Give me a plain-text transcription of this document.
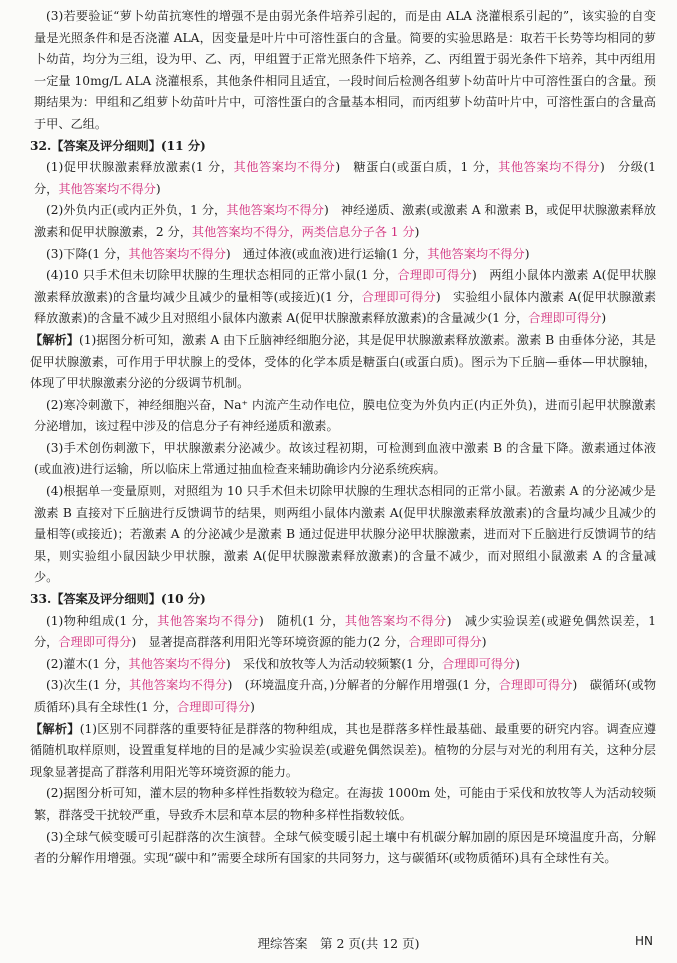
(3)若要验证“萝卜幼苗抗寒性的增强不是由弱光条件培养引起的，而是由 ALA 浇灌根系引起的”，该实验的自变量是光照条件和是否浇灌 ALA，因变量是叶片中可溶性蛋白的含量。简要的实验思路是：取若干长势等均相同的萝卜幼苗，均分为三组，设为甲、乙、丙，甲组置于正常光照条件下培养，乙、丙组置于弱光条件下培养，其中丙组用一定量 10mg/L ALA 浇灌根系，其他条件相同且适宜，一段时间后检测各组萝卜幼苗叶片中可溶性蛋白的含量。预期结果为：甲组和乙组萝卜幼苗叶片中，可溶性蛋白的含量基本相同，而丙组萝卜幼苗叶片中，可溶性蛋白的含量高于甲、乙组。

32.【答案及评分细则】(11 分)

(1)促甲状腺激素释放激素(1 分，其他答案均不得分)　糖蛋白(或蛋白质，1 分，其他答案均不得分)　分级(1 分，其他答案均不得分)

(2)外负内正(或内正外负，1 分，其他答案均不得分)　神经递质、激素(或激素 A 和激素 B，或促甲状腺激素释放激素和促甲状腺激素，2 分，其他答案均不得分，两类信息分子各 1 分)

(3)下降(1 分，其他答案均不得分)　通过体液(或血液)进行运输(1 分，其他答案均不得分)

(4)10 只手术但未切除甲状腺的生理状态相同的正常小鼠(1 分，合理即可得分)　两组小鼠体内激素 A(促甲状腺激素释放激素)的含量均减少且减少的量相等(或接近)(1 分，合理即可得分)　实验组小鼠体内激素 A(促甲状腺激素释放激素)的含量不减少且对照组小鼠体内激素 A(促甲状腺激素释放激素)的含量减少(1 分，合理即可得分)

【解析】(1)据图分析可知，激素 A 由下丘脑神经细胞分泌，其是促甲状腺激素释放激素。激素 B 由垂体分泌，其是促甲状腺激素，可作用于甲状腺上的受体，受体的化学本质是糖蛋白(或蛋白质)。图示为下丘脑—垂体—甲状腺轴，体现了甲状腺激素分泌的分级调节机制。

(2)寒冷刺激下，神经细胞兴奋，Na⁺ 内流产生动作电位，膜电位变为外负内正(内正外负)，进而引起甲状腺激素分泌增加，该过程中涉及的信息分子有神经递质和激素。

(3)手术创伤刺激下，甲状腺激素分泌减少。故该过程初期，可检测到血液中激素 B 的含量下降。激素通过体液(或血液)进行运输，所以临床上常通过抽血检查来辅助确诊内分泌系统疾病。

(4)根据单一变量原则，对照组为 10 只手术但未切除甲状腺的生理状态相同的正常小鼠。若激素 A 的分泌减少是激素 B 直接对下丘脑进行反馈调节的结果，则两组小鼠体内激素 A(促甲状腺激素释放激素)的含量均减少且减少的量相等(或接近)；若激素 A 的分泌减少是激素 B 通过促进甲状腺分泌甲状腺激素，进而对下丘脑进行反馈调节的结果，则实验组小鼠因缺少甲状腺，激素 A(促甲状腺激素释放激素)的含量不减少，而对照组小鼠激素 A 的含量减少。

33.【答案及评分细则】(10 分)

(1)物种组成(1 分，其他答案均不得分)　随机(1 分，其他答案均不得分)　减少实验误差(或避免偶然误差，1 分，合理即可得分)　显著提高群落利用阳光等环境资源的能力(2 分，合理即可得分)

(2)灌木(1 分，其他答案均不得分)　采伐和放牧等人为活动较频繁(1 分，合理即可得分)

(3)次生(1 分，其他答案均不得分)　(环境温度升高，)分解者的分解作用增强(1 分，合理即可得分)　碳循环(或物质循环)具有全球性(1 分，合理即可得分)

【解析】(1)区别不同群落的重要特征是群落的物种组成，其也是群落多样性最基础、最重要的研究内容。调查应遵循随机取样原则，设置重复样地的目的是减少实验误差(或避免偶然误差)。植物的分层与对光的利用有关，这种分层现象显著提高了群落利用阳光等环境资源的能力。

(2)据图分析可知，灌木层的物种多样性指数较为稳定。在海拔 1000m 处，可能由于采伐和放牧等人为活动较频繁，群落受干扰较严重，导致乔木层和草本层的物种多样性指数较低。

(3)全球气候变暖可引起群落的次生演替。全球气候变暖引起土壤中有机碳分解加剧的原因是环境温度升高，分解者的分解作用增强。实现“碳中和”需要全球所有国家的共同努力，这与碳循环(或物质循环)具有全球性有关。

理综答案　第 2 页(共 12 页)	HN
